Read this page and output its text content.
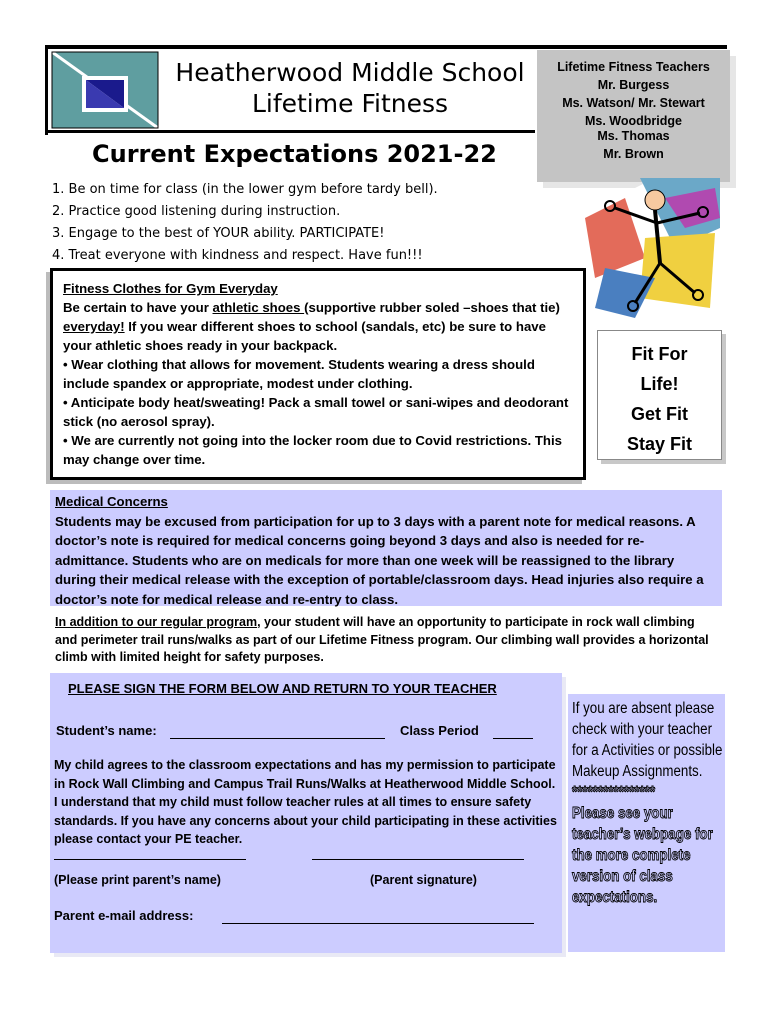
Heatherwood Middle School
Lifetime Fitness
Current Expectations 2021-22
Lifetime Fitness Teachers
Mr. Burgess
Ms. Watson/ Mr. Stewart
Ms. Woodbridge
Ms. Thomas
Mr. Brown
1. Be on time for class (in the lower gym before tardy bell).
2. Practice good listening during instruction.
3. Engage to the best of YOUR ability. PARTICIPATE!
4. Treat everyone with kindness and respect. Have fun!!!
Fit For
Life!
Get Fit
Stay Fit

Fitness Clothes for Gym Everyday

Be certain to have your athletic shoes (supportive rubber soled –shoes that tie) everyday! If you wear different shoes to school (sandals, etc) be sure to have your athletic shoes ready in your backpack.

• Wear clothing that allows for movement. Students wearing a dress should include spandex or appropriate, modest under clothing.

• Anticipate body heat/sweating! Pack a small towel or sani-wipes and deodorant stick (no aerosol spray).

• We are currently not going into the locker room due to Covid restrictions. This may change over time.

Medical Concerns
Students may be excused from participation for up to 3 days with a parent note for medical reasons. A doctor’s note is required for medical concerns going beyond 3 days and also is needed for re-admittance. Students who are on medicals for more than one week will be reassigned to the library during their medical release with the exception of portable/classroom days. Head injuries also require a doctor’s note for medical release and re-entry to class.
In addition to our regular program, your student will have an opportunity to participate in rock wall climbing and perimeter trail runs/walks as part of our Lifetime Fitness program. Our climbing wall provides a horizontal climb with limited height for safety purposes.
PLEASE SIGN THE FORM BELOW AND RETURN TO YOUR TEACHER
Student’s name:	Class Period
My child agrees to the classroom expectations and has my permission to participate in Rock Wall Climbing and Campus Trail Runs/Walks at Heatherwood Middle School. I understand that my child must follow teacher rules at all times to ensure safety standards. If you have any concerns about your child participating in these activities please contact your PE teacher.
(Please print parent’s name)	(Parent signature)
Parent e-mail address:
If you are absent please check with your teacher for a Activities or possible Makeup Assignments.
****************
Please see your teacher’s webpage for the more complete version of class expectations.
